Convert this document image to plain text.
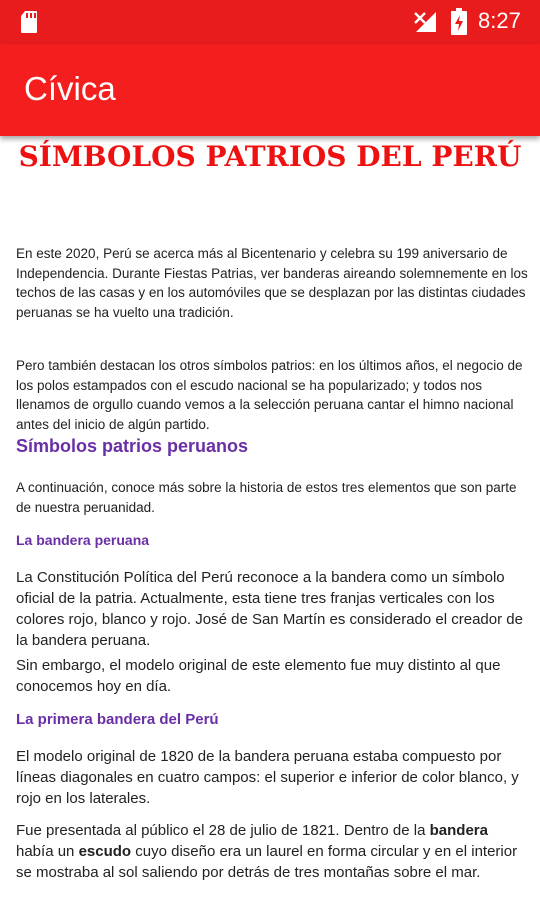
8:27
Cívica
SÍMBOLOS PATRIOS DEL PERÚ

En este 2020, Perú se acerca más al Bicentenario y celebra su 199 aniversario de Independencia. Durante Fiestas Patrias, ver banderas aireando solemnemente en los techos de las casas y en los automóviles que se desplazan por las distintas ciudades peruanas se ha vuelto una tradición.

Pero también destacan los otros símbolos patrios: en los últimos años, el negocio de los polos estampados con el escudo nacional se ha popularizado; y todos nos llenamos de orgullo cuando vemos a la selección peruana cantar el himno nacional antes del inicio de algún partido.

Símbolos patrios peruanos

A continuación, conoce más sobre la historia de estos tres elementos que son parte de nuestra peruanidad.

La bandera peruana

La Constitución Política del Perú reconoce a la bandera como un símbolo oficial de la patria. Actualmente, esta tiene tres franjas verticales con los colores rojo, blanco y rojo. José de San Martín es considerado el creador de la bandera peruana.

Sin embargo, el modelo original de este elemento fue muy distinto al que conocemos hoy en día.

La primera bandera del Perú

El modelo original de 1820 de la bandera peruana estaba compuesto por líneas diagonales en cuatro campos: el superior e inferior de color blanco, y rojo en los laterales.

Fue presentada al público el 28 de julio de 1821. Dentro de la bandera había un escudo cuyo diseño era un laurel en forma circular y en el interior se mostraba al sol saliendo por detrás de tres montañas sobre el mar.
